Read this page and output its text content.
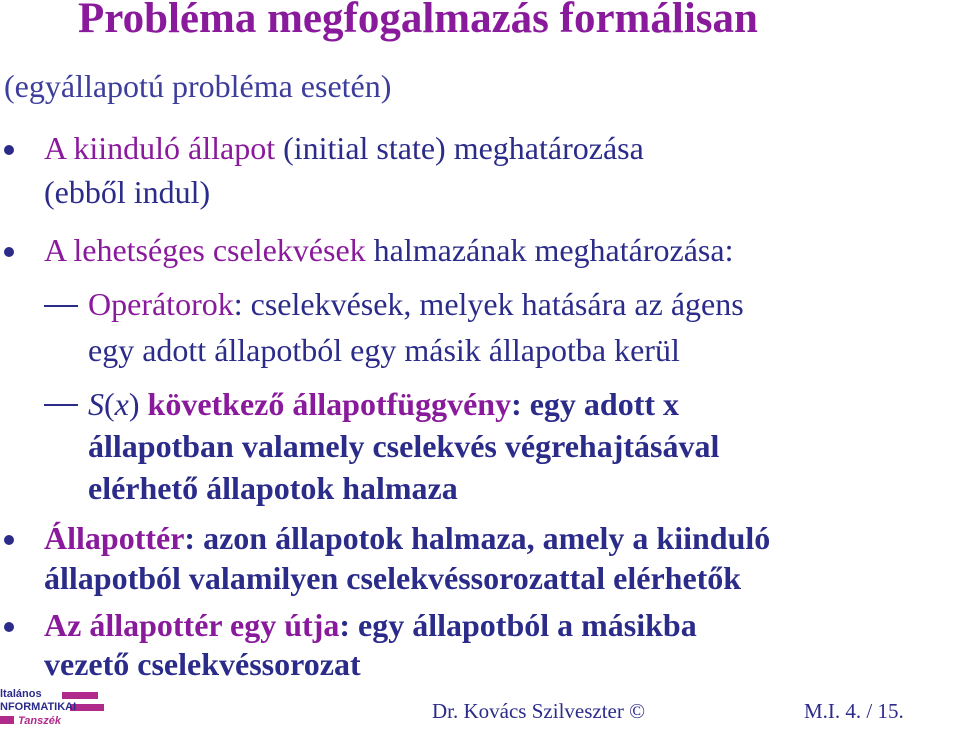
Probléma megfogalmazás formálisan
(egyállapotú probléma esetén)
A kiinduló állapot (initial state) meghatározása
(ebből indul)
A lehetséges cselekvések halmazának meghatározása:
Operátorok: cselekvések, melyek hatására az ágens
egy adott állapotból egy másik állapotba kerül
S(x) következő állapotfüggvény: egy adott x
állapotban valamely cselekvés végrehajtásával
elérhető állapotok halmaza
Állapottér: azon állapotok halmaza, amely a kiinduló
állapotból valamilyen cselekvéssorozattal elérhetők
Az állapottér egy útja: egy állapotból a másikba
vezető cselekvéssorozat
ltalános
NFORMATIKAI
Tanszék	Dr. Kovács Szilveszter ©	M.I. 4. / 15.
